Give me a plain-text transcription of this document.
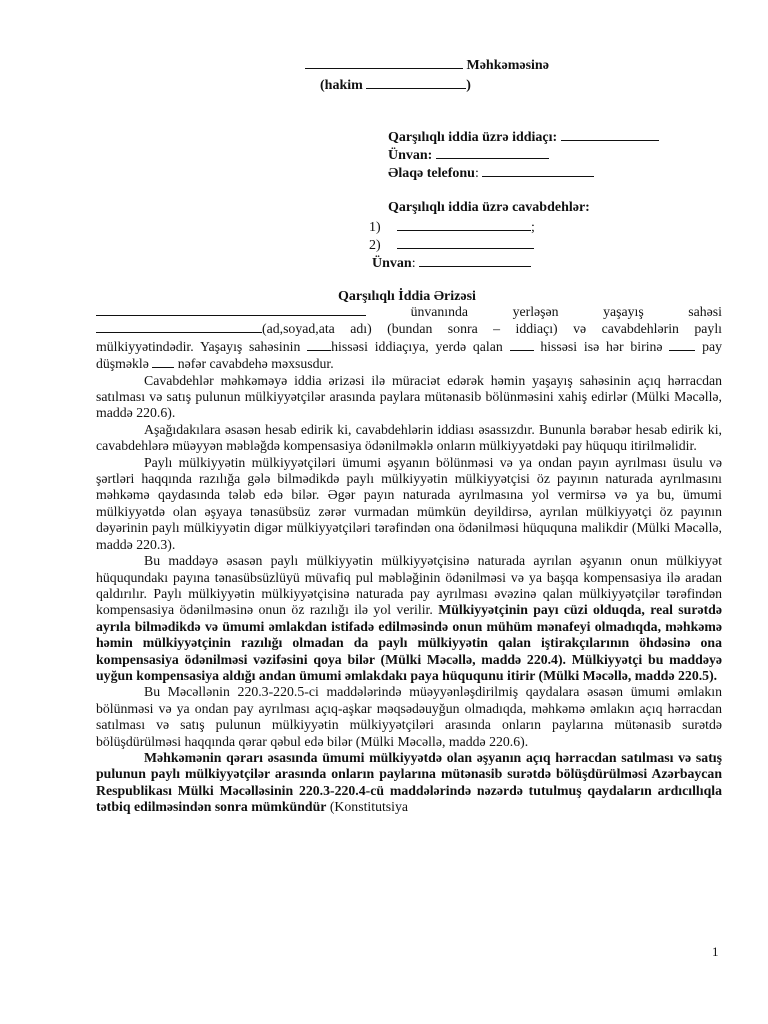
Məhkəməsinə
(hakim	)
Qarşılıqlı iddia üzrə iddiaçı:
Ünvan:
Əlaqə telefonu:
Qarşılıqlı iddia üzrə cavabdehlər:
1)	;
2)
Ünvan:
Qarşılıqlı İddia Ərizəsi

ünvanında yerləşən yaşayış sahəsi (ad,soyad,ata adı) (bundan sonra – iddiaçı) və cavabdehlərin paylı mülkiyyətindədir. Yaşayış sahəsinin hissəsi iddiaçıya, yerdə qalan  hissəsi isə hər birinə  pay düşməklə  nəfər cavabdehə məxsusdur.

Cavabdehlər məhkəməyə iddia ərizəsi ilə müraciət edərək həmin yaşayış sahəsinin açıq hərracdan satılması və satış pulunun mülkiyyətçilər arasında paylara mütənasib bölünməsini xahiş edirlər (Mülki Məcəllə, maddə 220.6).

Aşağıdakılara əsasən hesab edirik ki, cavabdehlərin iddiası əsassızdır. Bununla bərabər hesab edirik ki, cavabdehlərə müəyyən məbləğdə kompensasiya ödənilməklə onların mülkiyyətdəki pay hüququ itirilməlidir.

Paylı mülkiyyətin mülkiyyətçiləri ümumi əşyanın bölünməsi və ya ondan payın ayrılması üsulu və şərtləri haqqında razılığa gələ bilmədikdə paylı mülkiyyətin mülkiyyətçisi öz payının naturada ayrılmasını məhkəmə qaydasında tələb edə bilər. Əgər payın naturada ayrılmasına yol vermirsə və ya bu, ümumi mülkiyyətdə olan əşyaya tənasübsüz zərər vurmadan mümkün deyildirsə, ayrılan mülkiyyətçi öz payının dəyərinin paylı mülkiyyətin digər mülkiyyətçiləri tərəfindən ona ödənilməsi hüququna malikdir (Mülki Məcəllə, maddə 220.3).

Bu maddəyə əsasən paylı mülkiyyətin mülkiyyətçisinə naturada ayrılan əşyanın onun mülkiyyət hüququndakı payına tənasübsüzlüyü müvafiq pul məbləğinin ödənilməsi və ya başqa kompensasiya ilə aradan qaldırılır. Paylı mülkiyyətin mülkiyyətçisinə naturada pay ayrılması əvəzinə qalan mülkiyyətçilər tərəfindən kompensasiya ödənilməsinə onun öz razılığı ilə yol verilir. Mülkiyyətçinin payı cüzi olduqda, real surətdə ayrıla bilmədikdə və ümumi əmlakdan istifadə edilməsində onun mühüm mənafeyi olmadıqda, məhkəmə həmin mülkiyyətçinin razılığı olmadan da paylı mülkiyyətin qalan iştirakçılarının öhdəsinə ona kompensasiya ödənilməsi vəzifəsini qoya bilər (Mülki Məcəllə, maddə 220.4). Mülkiyyətçi bu maddəyə uyğun kompensasiya aldığı andan ümumi əmlakdakı paya hüququnu itirir (Mülki Məcəllə, maddə 220.5).

Bu Məcəllənin 220.3-220.5-ci maddələrində müəyyənləşdirilmiş qaydalara əsasən ümumi əmlakın bölünməsi və ya ondan pay ayrılması açıq-aşkar məqsədəuyğun olmadıqda, məhkəmə əmlakın açıq hərracdan satılması və satış pulunun mülkiyyətin mülkiyyətçiləri arasında onların paylarına mütənasib surətdə bölüşdürülməsi haqqında qərar qəbul edə bilər (Mülki Məcəllə, maddə 220.6).

Məhkəmənin qərarı əsasında ümumi mülkiyyətdə olan əşyanın açıq hərracdan satılması və satış pulunun paylı mülkiyyətçilər arasında onların paylarına mütənasib surətdə bölüşdürülməsi Azərbaycan Respublikası Mülki Məcəlləsinin 220.3-220.4-cü maddələrində nəzərdə tutulmuş qaydaların ardıcıllıqla tətbiq edilməsindən sonra mümkündür (Konstitutsiya

1
